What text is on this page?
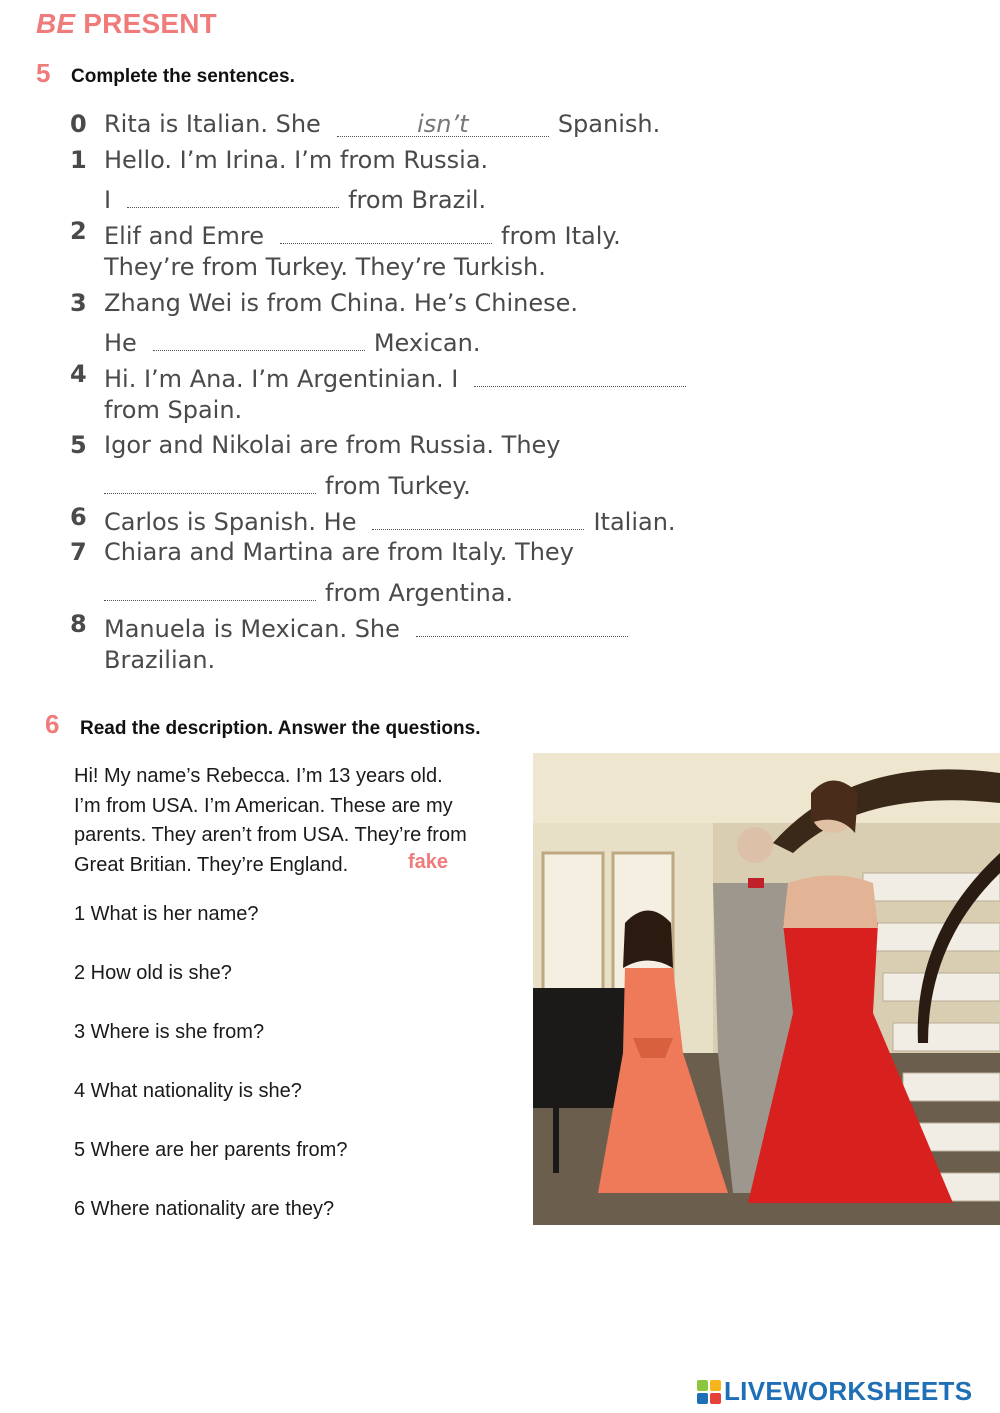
BE PRESENT
5 Complete the sentences.
0 Rita is Italian. She	isn’t	Spanish.
1 Hello. I’m Irina. I’m from Russia.
I	from Brazil.
2 Elif and Emre	from Italy.
They’re from Turkey. They’re Turkish.
3 Zhang Wei is from China. He’s Chinese.
He	Mexican.
4 Hi. I’m Ana. I’m Argentinian. I
from Spain.
5 Igor and Nikolai are from Russia. They
from Turkey.
6 Carlos is Spanish. He	Italian.
7 Chiara and Martina are from Italy. They
from Argentina.
8 Manuela is Mexican. She
Brazilian.
6 Read the description. Answer the questions.
Hi! My name’s Rebecca. I’m 13 years old.
I’m from USA. I’m American. These are my
parents. They aren’t from USA. They’re from
Great Britian. They’re England.	fake
1 What is her name?
2 How old is she?
3 Where is she from?
4 What nationality is she?
5 Where are her parents from?
6 Where nationality are they?
LIVEWORKSHEETS
